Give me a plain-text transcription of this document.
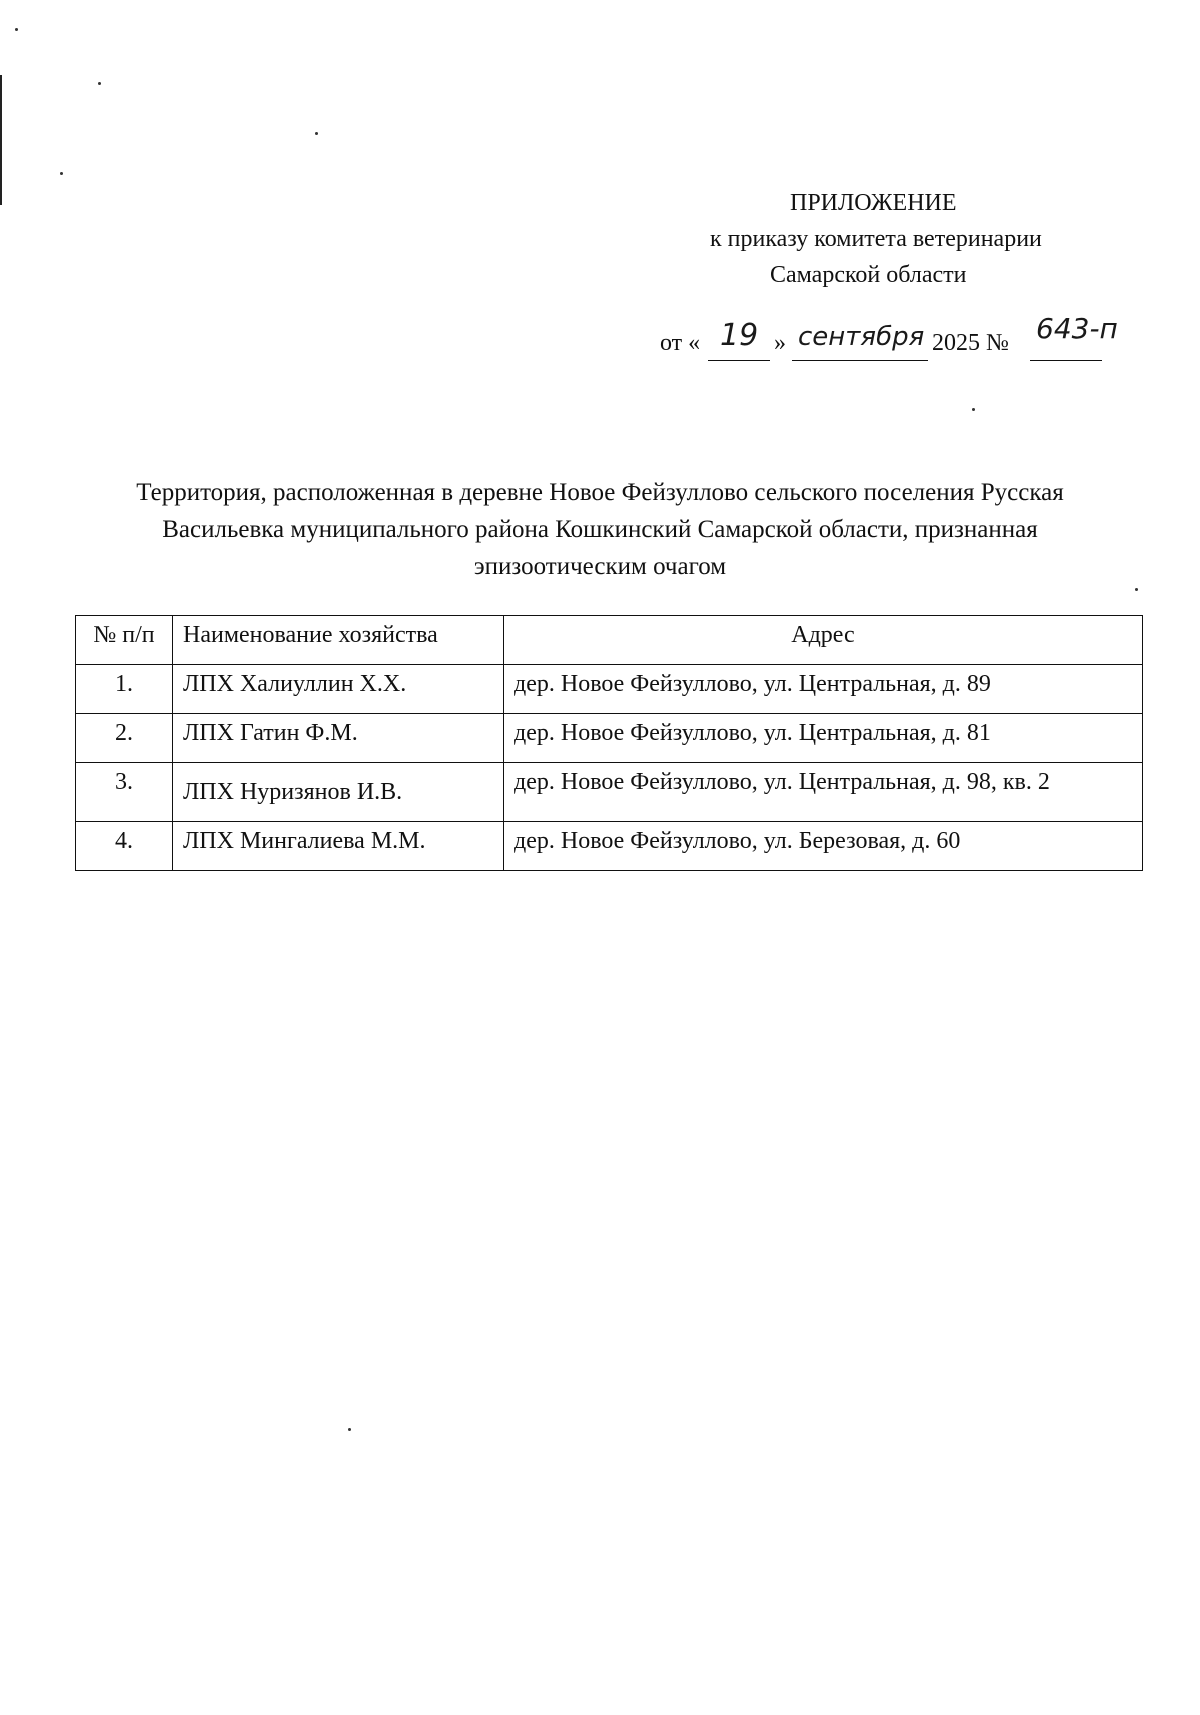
ПРИЛОЖЕНИЕ
к приказу комитета ветеринарии
Самарской области
от « 19 » сентября 2025 № 643-п
Территория, расположенная в деревне Новое Фейзуллово сельского поселения Русская Васильевка муниципального района Кошкинский Самарской области, признанная эпизоотическим очагом
№ п/п	Наименование хозяйства	Адрес
1.	ЛПХ Халиуллин Х.Х.	дер. Новое Фейзуллово, ул. Центральная, д. 89
2.	ЛПХ Гатин Ф.М.	дер. Новое Фейзуллово, ул. Центральная, д. 81
3.	ЛПХ Нуризянов И.В.	дер. Новое Фейзуллово, ул. Центральная, д. 98, кв. 2
4.	ЛПХ Мингалиева М.М.	дер. Новое Фейзуллово, ул. Березовая, д. 60
